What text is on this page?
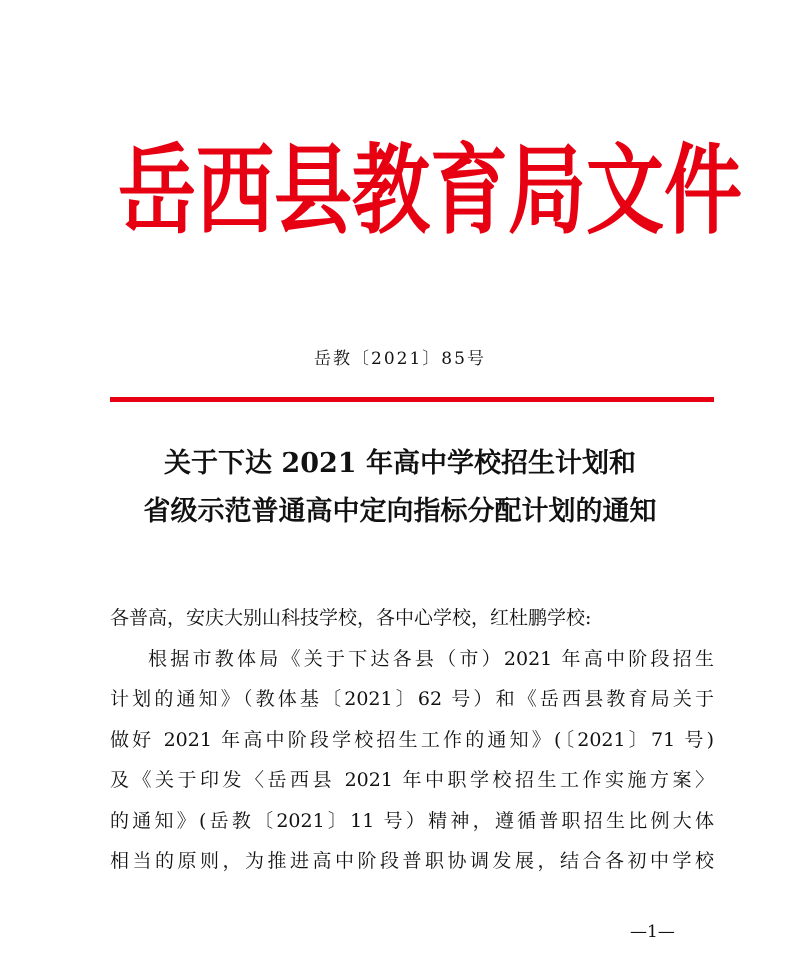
岳西县教育局文件
岳教〔2021〕85号
关于下达 2021 年高中学校招生计划和
省级示范普通高中定向指标分配计划的通知
各普高，安庆大别山科技学校，各中心学校，红杜鹏学校:
根据市教体局《关于下达各县（市）2021 年高中阶段招生
计划的通知》（教体基〔2021〕62 号）和《岳西县教育局关于
做好 2021 年高中阶段学校招生工作的通知》(〔2021〕71 号)
及《关于印发〈岳西县 2021 年中职学校招生工作实施方案〉
的通知》(岳教〔2021〕11 号）精神，遵循普职招生比例大体
相当的原则，为推进高中阶段普职协调发展，结合各初中学校
—1—
